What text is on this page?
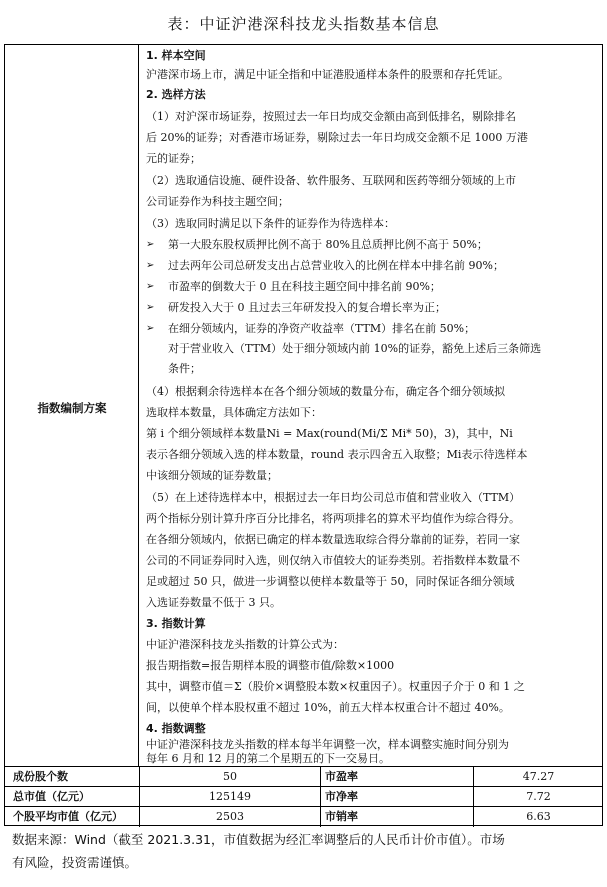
表：中证沪港深科技龙头指数基本信息
指数编制方案
1. 样本空间
沪港深市场上市，满足中证全指和中证港股通样本条件的股票和存托凭证。
2. 选样方法
（1）对沪深市场证券，按照过去一年日均成交金额由高到低排名，剔除排名
后 20%的证券；对香港市场证券，剔除过去一年日均成交金额不足 1000 万港
元的证券；
（2）选取通信设施、硬件设备、软件服务、互联网和医药等细分领域的上市
公司证券作为科技主题空间；
（3）选取同时满足以下条件的证券作为待选样本：
➢ 第一大股东股权质押比例不高于 80%且总质押比例不高于 50%；
➢ 过去两年公司总研发支出占总营业收入的比例在样本中排名前 90%；
➢ 市盈率的倒数大于 0 且在科技主题空间中排名前 90%；
➢ 研发投入大于 0 且过去三年研发投入的复合增长率为正；
➢ 在细分领域内，证券的净资产收益率（TTM）排名在前 50%；
对于营业收入（TTM）处于细分领域内前 10%的证券，豁免上述后三条筛选
条件；
（4）根据剩余待选样本在各个细分领域的数量分布，确定各个细分领域拟
选取样本数量，具体确定方法如下：
第 i 个细分领域样本数量Ni = Max(round(Mi/Σ Mi* 50)，3)，其中，Ni
表示各细分领域入选的样本数量，round 表示四舍五入取整；Mi表示待选样本
中该细分领域的证券数量；
（5）在上述待选样本中，根据过去一年日均公司总市值和营业收入（TTM）
两个指标分别计算升序百分比排名，将两项排名的算术平均值作为综合得分。
在各细分领域内，依据已确定的样本数量选取综合得分靠前的证券，若同一家
公司的不同证券同时入选，则仅纳入市值较大的证券类别。若指数样本数量不
足或超过 50 只，做进一步调整以使样本数量等于 50，同时保证各细分领域
入选证券数量不低于 3 只。
3. 指数计算
中证沪港深科技龙头指数的计算公式为：
报告期指数=报告期样本股的调整市值/除数×1000
其中，调整市值＝Σ（股价×调整股本数×权重因子）。权重因子介于 0 和 1 之
间，以使单个样本股权重不超过 10%，前五大样本权重合计不超过 40%。
4. 指数调整
中证沪港深科技龙头指数的样本每半年调整一次，样本调整实施时间分别为
每年 6 月和 12 月的第二个星期五的下一交易日。
成份股个数	50	市盈率	47.27
总市值（亿元）	125149	市净率	7.72
个股平均市值（亿元）	2503	市销率	6.63
数据来源：Wind（截至 2021.3.31，市值数据为经汇率调整后的人民币计价市值）。市场
有风险，投资需谨慎。
